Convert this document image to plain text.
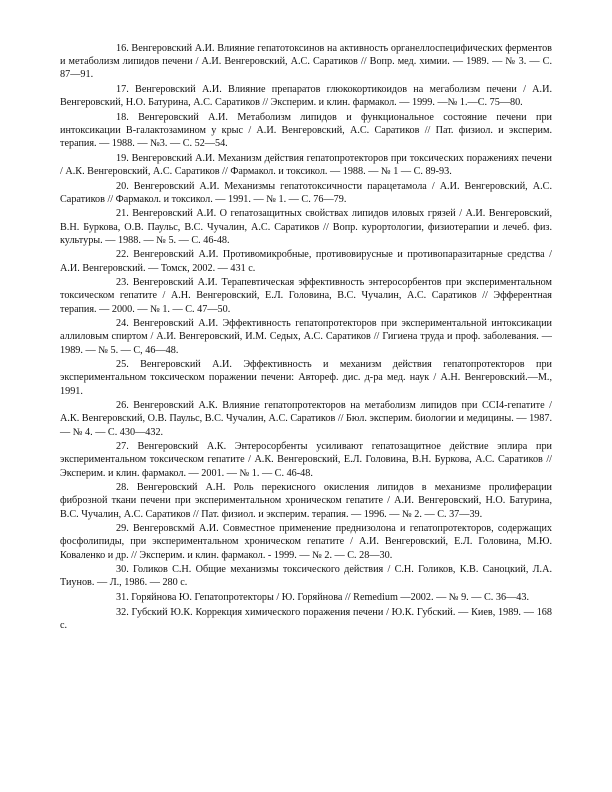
16. Венгеровский А.И. Влияние гепатотоксинов на активность органеллоспецифических ферментов и метаболизм липидов печени / А.И. Венгеровский, А.С. Саратиков // Вопр. мед. химии. — 1989. — № 3. — С. 87—91.

17. Венгеровский А.И. Влияние препаратов глюкокортикоидов на мегаболизм печени / А.И. Венгеровский, Н.О. Батурина, А.С. Саратиков // Эксперим. и клин. фармакол. — 1999. —№ 1.—С. 75—80.

18. Венгеровский А.И. Метаболизм липидов и функциональное состояние печени при интоксикации В-галактозамином у крыс / А.И. Венгеровский, А.С. Саратиков // Пат. физиол. и эксперим. терапия. — 1988. — №3. — С. 52—54.

19. Венгеровский А.И. Механизм действия гепатопротекторов при токсических поражениях печени / А.К. Венгеровский, А.С. Саратиков // Фармакол. и токсикол. — 1988. — № 1 — С. 89-93.

20. Венгеровский А.И. Механизмы гепатотоксичности парацетамола / А.И. Венгеровский, А.С. Саратиков // Фармакол. и токсикол. — 1991. — № 1. — С. 76—79.

21. Венгеровский А.И. О гепатозащитных свойствах липидов иловых грязей / А.И. Венгеровский, В.Н. Буркова, О.В. Паульс, В.С. Чучалин, А.С. Саратиков // Вопр. курортологии, физиотерапии и лечеб. физ. культуры. — 1988. — № 5. — С. 46-48.

22. Венгеровский А.И. Противомикробные, противовирусные и противопаразитарные средства / А.И. Венгеровский. — Томск, 2002. — 431 с.

23. Венгеровский А.И. Терапевтическая эффективность энтеросорбентов при экспериментальном токсическом гепатите / А.Н. Венгеровский, Е.Л. Головина, В.С. Чучалин, А.С. Саратиков // Эфферентная терапия. — 2000. — № 1. — С. 47—50.

24. Венгеровский А.И. Эффективность гепатопротекторов при экспериментальной интоксикации аллиловым спиртом / А.И. Венгеровский, И.М. Седых, А.С. Саратиков // Гигиена труда и проф. заболевания. — 1989. — № 5. — С, 46—48.

25. Венгеровский А.И. Эффективность и механизм действия гепатопротекторов при экспериментальном токсическом поражении печени: Автореф. дис. д-ра мед. наук / А.Н. Венгеровский.—М., 1991.

26. Венгеровский А.К. Влияние гепатопротекторов на метаболизм липидов при CCI4-гепатите / А.К. Венгеровский, О.В. Паульс, В.С. Чучалин, А.С. Саратиков // Бюл. эксперим. биологии и медицины. — 1987. — № 4. — С. 430—432.

27. Венгеровский А.К. Энтеросорбенты усиливают гепатозащитное действие эплира при экспериментальном токсическом гепатите / А.К. Венгеровский, Е.Л. Головина, В.Н. Буркова, А.С. Саратиков // Эксперим. и клин. фармакол. — 2001. — № 1. — С. 46-48.

28. Венгеровский А.Н. Роль перекисного окисления липидов в механизме пролиферации фиброзной ткани печени при экспериментальном хроническом гепатите / А.И. Венгеровский, Н.О. Батурина, В.С. Чучалин, А.С. Саратиков // Пат. физиол. и эксперим. терапия. — 1996. — № 2. — С. 37—39.

29. Венгеровскмй А.И. Совместное применение преднизолона и гепатопротекторов, содержащих фосфолипиды, при экспериментальном хроническом гепатите / А.И. Венгеровский, Е.Л. Головина, М.Ю. Коваленко и др. // Эксперим. и клин. фармакол. - 1999. — № 2. — С. 28—30.

30. Голиков С.Н. Общие механизмы токсического действия / С.Н. Голиков, К.В. Саноцкий, Л.А. Тиунов. — Л., 1986. — 280 с.

31. Горяйнова Ю. Гепатопротекторы / Ю. Горяйнова // Remedium —2002. — № 9. — С. 36—43.

32. Губский Ю.К. Коррекция химического поражения печени / Ю.К. Губский. — Киев, 1989. — 168 с.
